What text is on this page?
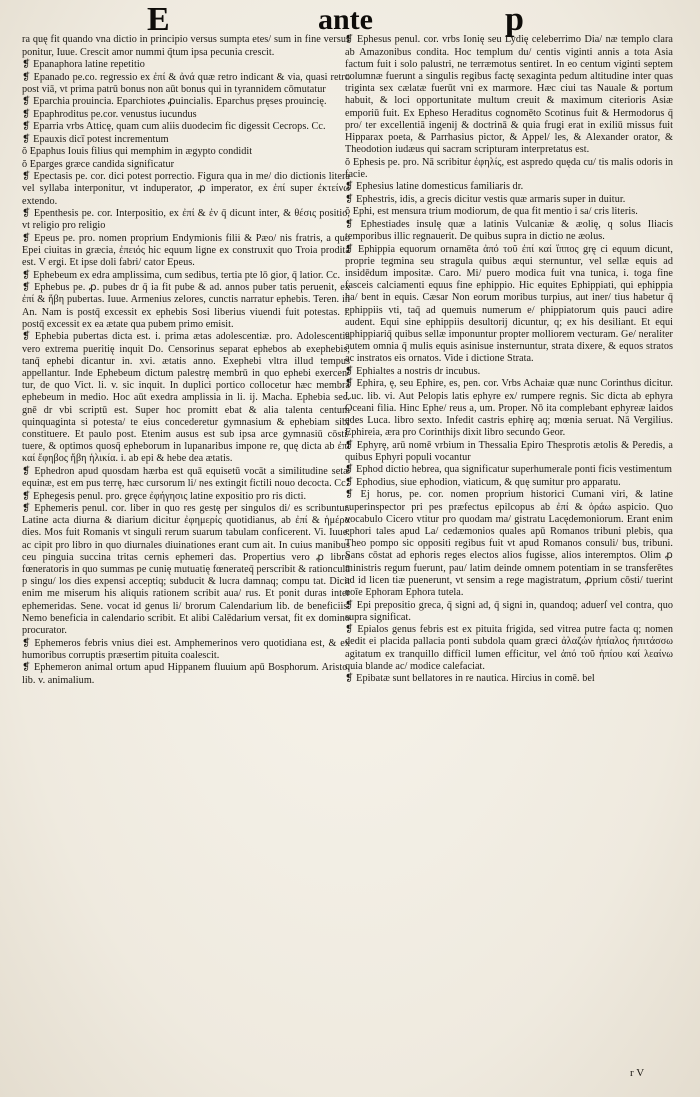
E	ante	p

ra quę fit quando vna dictio in principio versus sumpta etes/ sum in fine versus ponitur, Iuue. Crescit amor nummi q̃tum ipsa pecunia crescit.

❡ Epanaphora latine repetitio

❡ Epanado pe.co. regressio ex ἐπί & ἀνά quæ retro indicant & via, quasi retro post viā, vt prima patrū bonus non aūt bonus qui in tyrannidem cōmutatur

❡ Eparchia prouincia. Eparchiotes ꝓuincialis. Eparchus pręses prouincię.

❡ Epaphroditus pe.cor. venustus iucundus

❡ Eparria vrbs Atticę, quam cum aliis duodecim fic digessit Cecrops. Cc.

❡ Epauxis dicī potest incrementum

ŏ Epaphus Iouis filius qui memphim in ægypto condidit

ŏ Eparges græce candida significatur

❡ Epectasis pe. cor. dici potest porrectio. Figura qua in me/ dio dictionis litera vel syllaba interponitur, vt induperator, ꝓ imperator, ex ἐπί super ἐκτείνω extendo.

❡ Epenthesis pe. cor. Interpositio, ex ἐπί & ἐν q̄ dicunt inter, & θέσις positio, vt religio pro religio

❡ Epeus pe. pro. nomen proprium Endymionis filii & Pæo/ nis fratris, a quo Epei ciuitas in græcia, ἐπειός hic equum ligne ex construxit quo Troia prodita est. V ergi. Et ipse doli fabri/ cator Epeus.

❡ Ephebeum ex edra amplissima, cum sedibus, tertia pte lō gior, q̄ latior. Cc.

❡ Ephebus pe. ꝓ. pubes dr q̄ ia fit pube & ad. annos puber tatis peruenit, ex ἐπί & ἥβη pubertas. Iuue. Armenius zelores, cunctis narratur ephebis. Teren. in An. Nam is postq̄ excessit ex ephebis Sosi liberius viuendi fuit potestas. i. postq̄ excessit ex ea ætate qua pubem primo emisit.

❡ Ephebia pubertas dicta est. i. prima ætas adolescentiæ. pro. Adolescentia vero extrema pueritię inquit Do. Censorinus separat ephebos ab exephebis, tanq̄ ephebi dicantur in. xvi. ætatis anno. Exephebi vltra illud tempus appellantur. Inde Ephebeum dictum palestrę membrū in quo ephebi exercen/ tur, de quo Vict. li. v. sic inquit. In duplici portico collocetur hæc membra ephebeum in medio. Hoc aūt exedra amplissia in li. ij. Macha. Ephebia sec. gnē dr vbi scriptū est. Super hoc promitt ebat & alia talenta centum quinquaginta si potesta/ te eius concederetur gymnasium & ephebiam sibi constituere. Et paulo post. Etenim ausus est sub ipsa arce gymnasiū cōsti/ tuere, & optimos quosq̄ epheborum in lupanaribus impone re, quę dicta ab ἐπί καί ἔφηβος ἥβη ἡλικία. i. ab epi & hebe dea ætatis.

❡ Ephedron apud quosdam hærba est quā equisetū vocāt a similitudine setæ equinæ, est em pus terrę, hæc cursorum li/ nes extingit fictili nouo decocta. Cc.

❡ Ephegesis penul. pro. gręce ἐφήγησις latine expositio pro ris dicti.

❡ Ephemeris penul. cor. liber in quo res gestę per singulos di/ es scribuntur. Latine acta diurna & diarium dicitur ἐφημερίς quotidianus, ab ἐπί & ἡμέρα dies. Mos fuit Romanis vt singuli rerum suarum tabulam conficerent. Vi. Iuue. ac cipit pro libro in quo diurnales diuinationes erant cum ait. In cuius manibus ceu pinguia succina tritas cernis ephemeri das. Propertius vero ꝓ libro fœneratoris in quo summas pe cunię mutuatię fœnerateq̄ perscribit & rationculā p singu/ los dies expensi acceptiq; subducit & lucra damnaq; compu tat. Dicit enim me miserum his aliquis rationem scribit aua/ rus. Et ponit duras inter ephemeridas. Sene. vocat id genus li/ brorum Calendarium lib. de beneficiis. Nemo beneficia in calendario scribit. Et alibi Calēdarium versat, fit ex domino procurator.

❡ Ephemeros febris vnius diei est. Amphemerinos vero quotidiana est, & ex humoribus corruptis præsertim pituita coalescit.

❡ Ephemeron animal ortum apud Hippanem fluuium apū Bosphorum. Aristo. lib. v. animalium.

❡ Ephesus penul. cor. vrbs Ionię seu Lydię celeberrimo Dia/ næ templo clara ab Amazonibus condita. Hoc templum du/ centis viginti annis a tota Asia factum fuit i solo palustri, ne terræmotus sentiret. In eo centum viginti septem columnæ fuerunt a singulis regibus factę sexaginta pedum altitudine inter quas triginta sex cælatæ fuerūt vni ex marmore. Hæc ciui tas Nauale & portum habuit, & loci opportunitate multum creuit & maximum citerioris Asiæ emporiū fuit. Ex Epheso Heraditus cognomēto Scotinus fuit & Hermodorus q̄ pro/ ter excellentiā ingenij & doctrinā & quia frugi erat in exiliū missus fuit Hipparax poeta, & Parrhasius pictor, & Appel/ les, & Alexander orator, & Theodotion iudæus qui sacram scripturam interpretatus est.

ŏ Ephesis pe. pro. Nā scribitur ἐφηλίς, est aspredo quęda cu/ tis malis odoris in facie.

❡ Ephesius latine domesticus familiaris dr.

❡ Ephestris, idis, a grecis dicitur vestis quæ armaris super in duitur.

ŏ Ephi, est mensura trium modiorum, de qua fit mentio i sa/ cris literis.

❡ Ephestiades insulę quæ a latinis Vulcaniæ & æolię, q solus Iliacis temporibus illic regnauerit. De quibus supra in dictio ne æolus.

❡ Ephippia equorum ornamēta ἀπό τοῦ ἐπί καί ἵππος grę ci equum dicunt, proprie tegmina seu stragula quibus æqui sternuntur, vel sellæ equis ad insidēdum impositæ. Caro. Mi/ puero modica fuit vna tunica, i. toga fine fasceis calciamenti equus fine ephippio. Hic equites Ephippiati, qui ephippia ha/ bent in equis. Cæsar Non eorum moribus turpius, aut iner/ tius habetur q̄ ephippiis vti, taq̄ ad quemuis numerum e/ phippiatorum quis pauci adire audent. Equi sine ephippiis desultorij dicuntur, q; ex his desiliant. Et equi ephippiariq̄ quibus sellæ imponuntur propter molliorem vecturam. Ge/ neraliter autem omnia q̄ mulis equis asinisue insternuntur, strata dixere, & equos stratos ac instratos eis ornatos. Vide i dictione Strata.

❡ Ephialtes a nostris dr incubus.

❡ Ephira, ę, seu Ephire, es, pen. cor. Vrbs Achaiæ quæ nunc Corinthus dicitur. Luc. lib. vi. Aut Pelopis latis ephyre ex/ rumpere regnis. Sic dicta ab ephyra Oceani filia. Hinc Ephe/ reus a, um. Proper. Nō ita complebant ephyreæ laidos ędes Luca. libro sexto. Infedit castris ephirę aq; mœnia seruat. Nā Vergilius. Ephireia, æra pro Corinthijs dixit libro secundo Geor.

❡ Ephyrę, arū nomē vrbium in Thessalia Epiro Thesprotis ætolis & Peredis, a quibus Ephyri populi vocantur

❡ Ephod dictio hebrea, qua significatur superhumerale ponti ficis vestimentum

❡ Ephodius, siue ephodion, viaticum, & quę sumitur pro apparatu.

❡ Ej horus, pe. cor. nomen proprium historici Cumani viri, & latine superinspector pri pes præfectus epilcopus ab ἐπί & ὁράω aspicio. Quo vocabulo Cicero vtitur pro quodam ma/ gistratu Lacędemoniorum. Erant enim ephori tales apud La/ cedæmonios quales apū Romanos tribuni plebis, qua Theo pompo sic oppositi regibus fuit vt apud Romanos consuli/ bus, tribuni. Sans cōstat ad ephoris reges electos alios fugisse, alios interemptos. Olim ꝓ ministris regum fuerunt, pau/ latim deinde omnem potentiam in se transferētes ad id licen tiæ puenerunt, vt sensim a rege magistratum, ꝓprium cōsti/ tuerint noīe Ephoram Ephora tutela.

❡ Epi prepositio greca, q̄ signi ad, q̄ signi in, quandoq; aduerſ vel contra, quo supra significat.

❡ Epialos genus febris est ex pituita frigida, sed vitrea putre facta q; nomen dedit ei placida pallacia ponti subdola quam græci ἀλαζών ἠπίαλος ἠπιτάσσω agitatum ex tranquillo difficil lumen efficitur, vel ἀπό τοῦ ἠπίου καί λεαίνω quia blande ac/ modice calefaciat.

❡ Epibatæ sunt bellatores in re nautica. Hircius in comē. bel

r V
